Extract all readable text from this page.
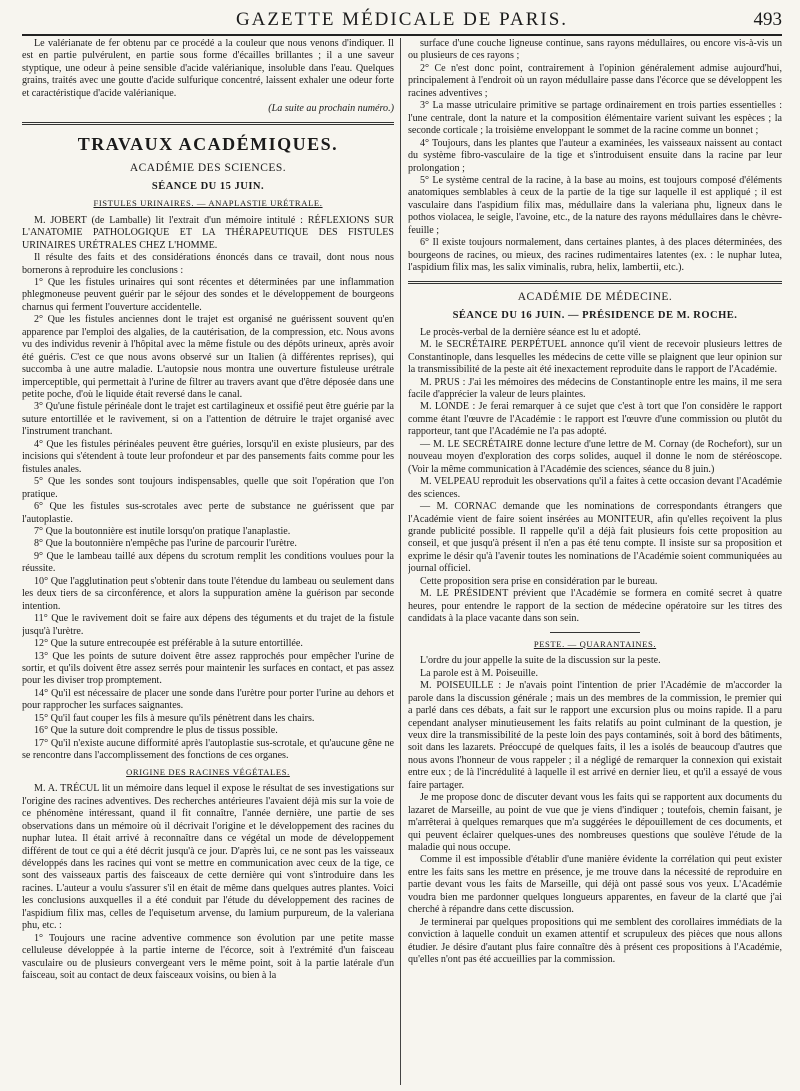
GAZETTE MÉDICALE DE PARIS.	493

Le valérianate de fer obtenu par ce procédé a la couleur que nous venons d'indiquer. Il est en partie pulvérulent, en partie sous forme d'écailles brillantes ; il a une saveur styptique, une odeur à peine sensible d'acide valérianique, insoluble dans l'eau. Quelques grains, traités avec une goutte d'acide sulfurique concentré, laissent exhaler une odeur forte et caractéristique d'acide valérianique.

(La suite au prochain numéro.)
TRAVAUX ACADÉMIQUES.
ACADÉMIE DES SCIENCES.
SÉANCE DU 15 JUIN.
FISTULES URINAIRES. — ANAPLASTIE URÉTRALE.

M. JOBERT (de Lamballe) lit l'extrait d'un mémoire intitulé : RÉFLEXIONS SUR L'ANATOMIE PATHOLOGIQUE ET LA THÉRAPEUTIQUE DES FISTULES URINAIRES URÉTRALES CHEZ L'HOMME.

Il résulte des faits et des considérations énoncés dans ce travail, dont nous nous bornerons à reproduire les conclusions :

1° Que les fistules urinaires qui sont récentes et déterminées par une inflammation phlegmoneuse peuvent guérir par le séjour des sondes et le développement de bourgeons charnus qui ferment l'ouverture accidentelle.

2° Que les fistules anciennes dont le trajet est organisé ne guérissent souvent qu'en apparence par l'emploi des algalies, de la cautérisation, de la compression, etc. Nous avons vu des individus revenir à l'hôpital avec la même fistule ou des dépôts urineux, après avoir été guéris. C'est ce que nous avons observé sur un Italien (à différentes reprises), qui succomba à une autre maladie. L'autopsie nous montra une ouverture fistuleuse urétrale imperceptible, qui permettait à l'urine de filtrer au travers avant que d'être déposée dans une petite poche, d'où le liquide était reversé dans le canal.

3° Qu'une fistule périnéale dont le trajet est cartilagineux et ossifié peut être guérie par la suture entortillée et le ravivement, si on a l'attention de détruire le trajet organisé avec l'instrument tranchant.

4° Que les fistules périnéales peuvent être guéries, lorsqu'il en existe plusieurs, par des incisions qui s'étendent à toute leur profondeur et par des pansements faits comme pour les fistules anales.

5° Que les sondes sont toujours indispensables, quelle que soit l'opération que l'on pratique.

6° Que les fistules sus-scrotales avec perte de substance ne guérissent que par l'autoplastie.

7° Que la boutonnière est inutile lorsqu'on pratique l'anaplastie.

8° Que la boutonnière n'empêche pas l'urine de parcourir l'urètre.

9° Que le lambeau taillé aux dépens du scrotum remplit les conditions voulues pour la réussite.

10° Que l'agglutination peut s'obtenir dans toute l'étendue du lambeau ou seulement dans les deux tiers de sa circonférence, et alors la suppuration amène la guérison par seconde intention.

11° Que le ravivement doit se faire aux dépens des téguments et du trajet de la fistule jusqu'à l'urètre.

12° Que la suture entrecoupée est préférable à la suture entortillée.

13° Que les points de suture doivent être assez rapprochés pour empêcher l'urine de sortir, et qu'ils doivent être assez serrés pour maintenir les surfaces en contact, et pas assez pour les diviser trop promptement.

14° Qu'il est nécessaire de placer une sonde dans l'urètre pour porter l'urine au dehors et pour rapprocher les surfaces saignantes.

15° Qu'il faut couper les fils à mesure qu'ils pénètrent dans les chairs.

16° Que la suture doit comprendre le plus de tissus possible.

17° Qu'il n'existe aucune difformité après l'autoplastie sus-scrotale, et qu'aucune gêne ne se rencontre dans l'accomplissement des fonctions de ces organes.

ORIGINE DES RACINES VÉGÉTALES.

M. A. TRÉCUL lit un mémoire dans lequel il expose le résultat de ses investigations sur l'origine des racines adventives. Des recherches antérieures l'avaient déjà mis sur la voie de ce phénomène intéressant, quand il fit connaître, l'année dernière, une partie de ses observations dans un mémoire où il décrivait l'origine et le développement des racines du nuphar lutea. Il était arrivé à reconnaître dans ce végétal un mode de développement différent de tout ce qui a été décrit jusqu'à ce jour. D'après lui, ce ne sont pas les vaisseaux développés dans les racines qui vont se mettre en communication avec ceux de la tige, ce sont des vaisseaux partis des faisceaux de cette dernière qui vont s'introduire dans les racines. L'auteur a voulu s'assurer s'il en était de même dans quelques autres plantes. Voici les conclusions auxquelles il a été conduit par l'étude du développement des racines de l'aspidium filix mas, celles de l'equisetum arvense, du lamium purpureum, de la valeriana phu, etc. :

1° Toujours une racine adventive commence son évolution par une petite masse celluleuse développée à la partie interne de l'écorce, soit à l'extrémité d'un faisceau vasculaire ou de plusieurs convergeant vers le même point, soit à la partie latérale d'un faisceau, soit au contact de deux faisceaux voisins, ou bien à la

surface d'une couche ligneuse continue, sans rayons médullaires, ou encore vis-à-vis un ou plusieurs de ces rayons ;

2° Ce n'est donc point, contrairement à l'opinion généralement admise aujourd'hui, principalement à l'endroit où un rayon médullaire passe dans l'écorce que se développent les racines adventives ;

3° La masse utriculaire primitive se partage ordinairement en trois parties essentielles : l'une centrale, dont la nature et la composition élémentaire varient suivant les espèces ; la seconde corticale ; la troisième enveloppant le sommet de la racine comme un bonnet ;

4° Toujours, dans les plantes que l'auteur a examinées, les vaisseaux naissent au contact du système fibro-vasculaire de la tige et s'introduisent ensuite dans la racine par leur prolongation ;

5° Le système central de la racine, à la base au moins, est toujours composé d'éléments anatomiques semblables à ceux de la partie de la tige sur laquelle il est appliqué ; il est vasculaire dans l'aspidium filix mas, médullaire dans la valeriana phu, ligneux dans le pothos violacea, le seigle, l'avoine, etc., de la nature des rayons médullaires dans le chèvre-feuille ;

6° Il existe toujours normalement, dans certaines plantes, à des places déterminées, des bourgeons de racines, ou mieux, des racines rudimentaires latentes (ex. : le nuphar lutea, l'aspidium filix mas, les salix viminalis, rubra, helix, lambertii, etc.).

ACADÉMIE DE MÉDECINE.
SÉANCE DU 16 JUIN. — PRÉSIDENCE DE M. ROCHE.

Le procès-verbal de la dernière séance est lu et adopté.

M. le SECRÉTAIRE PERPÉTUEL annonce qu'il vient de recevoir plusieurs lettres de Constantinople, dans lesquelles les médecins de cette ville se plaignent que leur opinion sur la transmissibilité de la peste ait été inexactement reproduite dans le rapport de l'Académie.

M. PRUS : J'ai les mémoires des médecins de Constantinople entre les mains, il me sera facile d'apprécier la valeur de leurs plaintes.

M. LONDE : Je ferai remarquer à ce sujet que c'est à tort que l'on considère le rapport comme étant l'œuvre de l'Académie : le rapport est l'œuvre d'une commission ou plutôt du rapporteur, tant que l'Académie ne l'a pas adopté.

— M. LE SECRÉTAIRE donne lecture d'une lettre de M. Cornay (de Rochefort), sur un nouveau moyen d'exploration des corps solides, auquel il donne le nom de stéréoscope. (Voir la même communication à l'Académie des sciences, séance du 8 juin.)

M. VELPEAU reproduit les observations qu'il a faites à cette occasion devant l'Académie des sciences.

— M. CORNAC demande que les nominations de correspondants étrangers que l'Académie vient de faire soient insérées au MONITEUR, afin qu'elles reçoivent la plus grande publicité possible. Il rappelle qu'il a déjà fait plusieurs fois cette proposition au conseil, et que jusqu'à présent il n'en a pas été tenu compte. Il insiste sur sa proposition et exprime le désir qu'à l'avenir toutes les nominations de l'Académie soient communiquées au journal officiel.

Cette proposition sera prise en considération par le bureau.

M. LE PRÉSIDENT prévient que l'Académie se formera en comité secret à quatre heures, pour entendre le rapport de la section de médecine opératoire sur les titres des candidats à la place vacante dans son sein.

PESTE. — QUARANTAINES.

L'ordre du jour appelle la suite de la discussion sur la peste.

La parole est à M. Poiseuille.

M. POISEUILLE : Je n'avais point l'intention de prier l'Académie de m'accorder la parole dans la discussion générale ; mais un des membres de la commission, le premier qui a parlé dans ces débats, a fait sur le rapport une excursion plus ou moins rapide. Il a paru cependant analyser minutieusement les faits relatifs au point culminant de la question, je veux dire la transmissibilité de la peste loin des pays contaminés, soit à bord des bâtiments, soit dans les lazarets. Préoccupé de quelques faits, il les a isolés de beaucoup d'autres que nous avons l'honneur de vous rappeler ; il a négligé de remarquer la connexion qui existait entre eux ; de là l'incrédulité à laquelle il est arrivé en dernier lieu, et qu'il a essayé de vous faire partager.

Je me propose donc de discuter devant vous les faits qui se rapportent aux documents du lazaret de Marseille, au point de vue que je viens d'indiquer ; toutefois, chemin faisant, je m'arrêterai à quelques remarques que m'a suggérées le dépouillement de ces documents, et qui peuvent éclairer quelques-unes des nombreuses questions que soulève l'étude de la maladie qui nous occupe.

Comme il est impossible d'établir d'une manière évidente la corrélation qui peut exister entre les faits sans les mettre en présence, je me trouve dans la nécessité de reproduire en partie devant vous les faits de Marseille, qui déjà ont passé sous vos yeux. L'Académie voudra bien me pardonner quelques longueurs apparentes, en faveur de la clarté que j'ai cherché à répandre dans cette discussion.

Je terminerai par quelques propositions qui me semblent des corollaires immédiats de la conviction à laquelle conduit un examen attentif et scrupuleux des pièces que nous allons étudier. Je désire d'autant plus faire connaître dès à présent ces propositions à l'Académie, qu'elles n'ont pas été accueillies par la commission.
